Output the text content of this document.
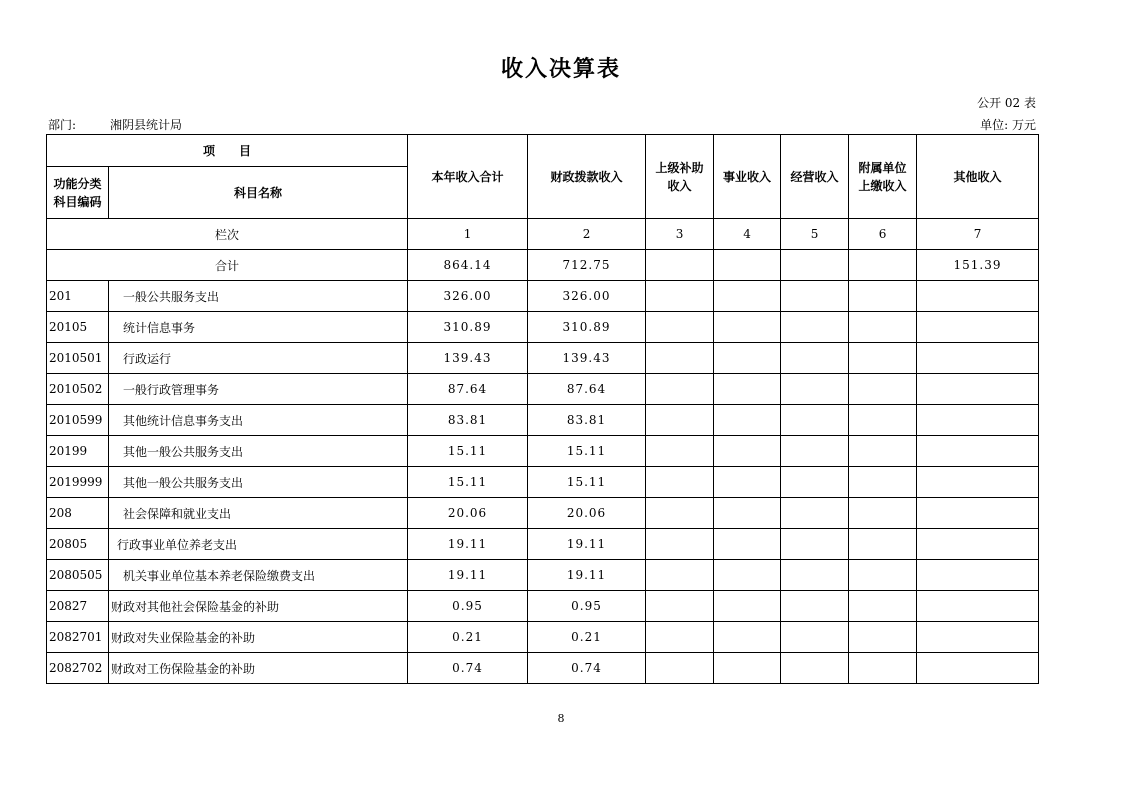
收入决算表
公开 02 表
部门:	湘阴县统计局	单位: 万元
项　　目		本年收入合计	财政拨款收入	上级补助
收入	事业收入	经营收入	附属单位
上缴收入	其他收入
功能分类
科目编码	科目名称							
栏次		1	2	3	4	5	6	7
合计		864.14	712.75					151.39
201	一般公共服务支出	326.00	326.00					
20105	统计信息事务	310.89	310.89					
2010501	行政运行	139.43	139.43					
2010502	一般行政管理事务	87.64	87.64					
2010599	其他统计信息事务支出	83.81	83.81					
20199	其他一般公共服务支出	15.11	15.11					
2019999	其他一般公共服务支出	15.11	15.11					
208	社会保障和就业支出	20.06	20.06					
20805	行政事业单位养老支出	19.11	19.11					
2080505	机关事业单位基本养老保险缴费支出	19.11	19.11					
20827	财政对其他社会保险基金的补助	0.95	0.95					
2082701	财政对失业保险基金的补助	0.21	0.21					
2082702	财政对工伤保险基金的补助	0.74	0.74					
8
